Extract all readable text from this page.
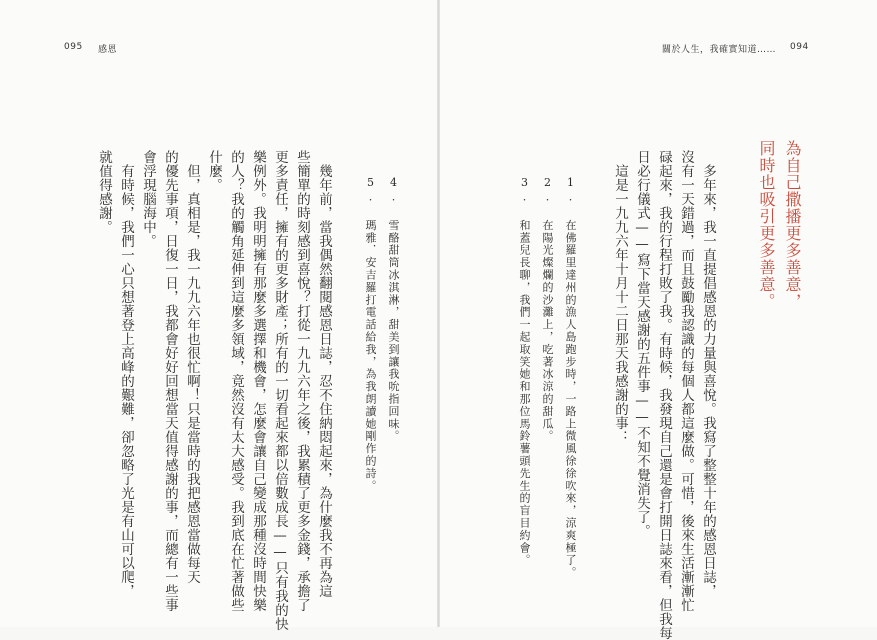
095 感恩	關於人生，我確實知道…… 094
為自己撒播更多善意，
同時也吸引更多善意。
多年來，我一直提倡感恩的力量與喜悅。我寫了整整十年的感恩日誌，
沒有一天錯過，而且鼓勵我認識的每個人都這麼做。可惜，後來生活漸漸忙
碌起來，我的行程打敗了我。有時候，我發現自己還是會打開日誌來看，但我每
日必行儀式——寫下當天感謝的五件事——不知不覺消失了。
這是一九九六年十月十二日那天我感謝的事：
1. 在佛羅里達州的漁人島跑步時，一路上微風徐徐吹來，涼爽極了。
2. 在陽光燦爛的沙灘上，吃著冰涼的甜瓜。
3. 和蓋兒長聊，我們一起取笑她和那位馬鈴薯頭先生的盲目約會。
4. 雪酪甜筒冰淇淋，甜美到讓我吮指回味。
5. 瑪雅．安吉羅打電話給我，為我朗讀她剛作的詩。
幾年前，當我偶然翻閱感恩日誌，忍不住納悶起來，為什麼我不再為這
些簡單的時刻感到喜悅？打從一九九六年之後，我累積了更多金錢，承擔了
更多責任，擁有的更多財產；所有的一切看起來都以倍數成長——只有我的快
樂例外。我明明擁有那麼多選擇和機會，怎麼會讓自己變成那種沒時間快樂
的人？我的觸角延伸到這麼多領域，竟然沒有太大感受。我到底在忙著做些
什麼。
但，真相是，我一九九六年也很忙啊！只是當時的我把感恩當做每天
的優先事項，日復一日，我都會好好回想當天值得感謝的事，而總有一些事
會浮現腦海中。
有時候，我們一心只想著登上高峰的艱難，卻忽略了光是有山可以爬，
就值得感謝。
